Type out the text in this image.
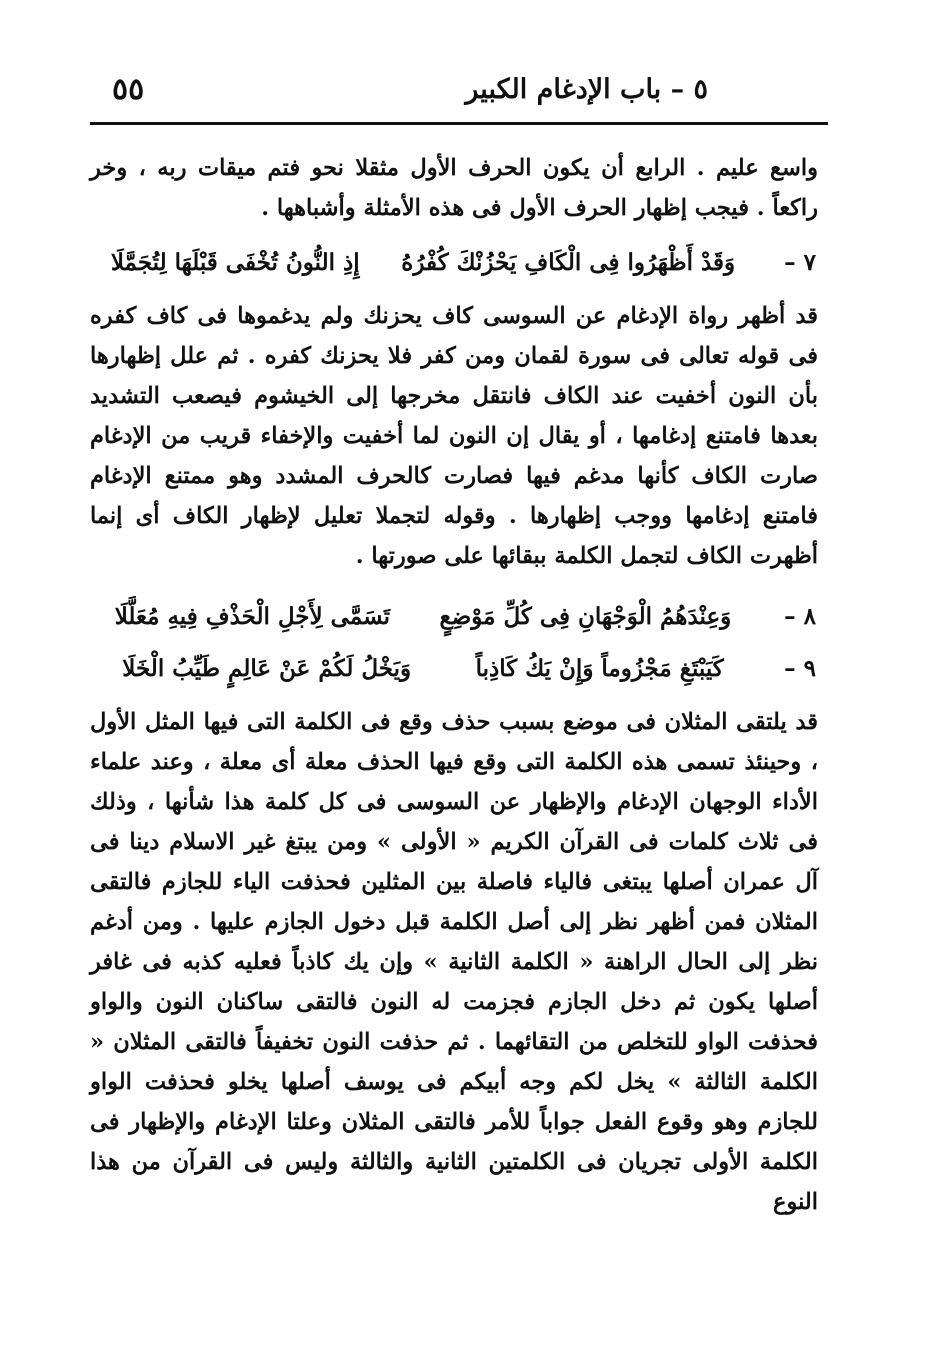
٥ – باب الإدغام الكبير
٥٥

واسع عليم . الرابع أن يكون الحرف الأول مثقلا نحو فتم ميقات ربه ، وخر راكعاً . فيجب إظهار الحرف الأول فى هذه الأمثلة وأشباهها .

٧ –
وَقَدْ أَظْهَرُوا فِى الْكَافِ يَحْزُنْكَ كُفْرُهُ
إِذِ النُّونُ تُخْفَى قَبْلَهَا لِتُجَمَّلَا

قد أظهر رواة الإدغام عن السوسى كاف يحزنك ولم يدغموها فى كاف كفره فى قوله تعالى فى سورة لقمان ومن كفر فلا يحزنك كفره . ثم علل إظهارها بأن النون أخفيت عند الكاف فانتقل مخرجها إلى الخيشوم فيصعب التشديد بعدها فامتنع إدغامها ، أو يقال إن النون لما أخفيت والإخفاء قريب من الإدغام صارت الكاف كأنها مدغم فيها فصارت كالحرف المشدد وهو ممتنع الإدغام فامتنع إدغامها ووجب إظهارها . وقوله لتجملا تعليل لإظهار الكاف أى إنما أظهرت الكاف لتجمل الكلمة ببقائها على صورتها .

٨ –
وَعِنْدَهُمُ الْوَجْهَانِ فِى كُلِّ مَوْضِعٍ
تَسَمَّى لِأَجْلِ الْحَذْفِ فِيهِ مُعَلَّلَا
٩ –
كَيَبْتَغِ مَجْزُوماً وَإِنْ يَكُ كَاذِباً
وَيَخْلُ لَكُمْ عَنْ عَالِمٍ طَيِّبُ الْخَلَا

قد يلتقى المثلان فى موضع بسبب حذف وقع فى الكلمة التى فيها المثل الأول ، وحينئذ تسمى هذه الكلمة التى وقع فيها الحذف معلة أى معلة ، وعند علماء الأداء الوجهان الإدغام والإظهار عن السوسى فى كل كلمة هذا شأنها ، وذلك فى ثلاث كلمات فى القرآن الكريم « الأولى » ومن يبتغ غير الاسلام دينا فى آل عمران أصلها يبتغى فالياء فاصلة بين المثلين فحذفت الياء للجازم فالتقى المثلان فمن أظهر نظر إلى أصل الكلمة قبل دخول الجازم عليها . ومن أدغم نظر إلى الحال الراهنة « الكلمة الثانية » وإن يك كاذباً فعليه كذبه فى غافر أصلها يكون ثم دخل الجازم فجزمت له النون فالتقى ساكنان النون والواو فحذفت الواو للتخلص من التقائهما . ثم حذفت النون تخفيفاً فالتقى المثلان « الكلمة الثالثة » يخل لكم وجه أبيكم فى يوسف أصلها يخلو فحذفت الواو للجازم وهو وقوع الفعل جواباً للأمر فالتقى المثلان وعلتا الإدغام والإظهار فى الكلمة الأولى تجريان فى الكلمتين الثانية والثالثة وليس فى القرآن من هذا النوع
